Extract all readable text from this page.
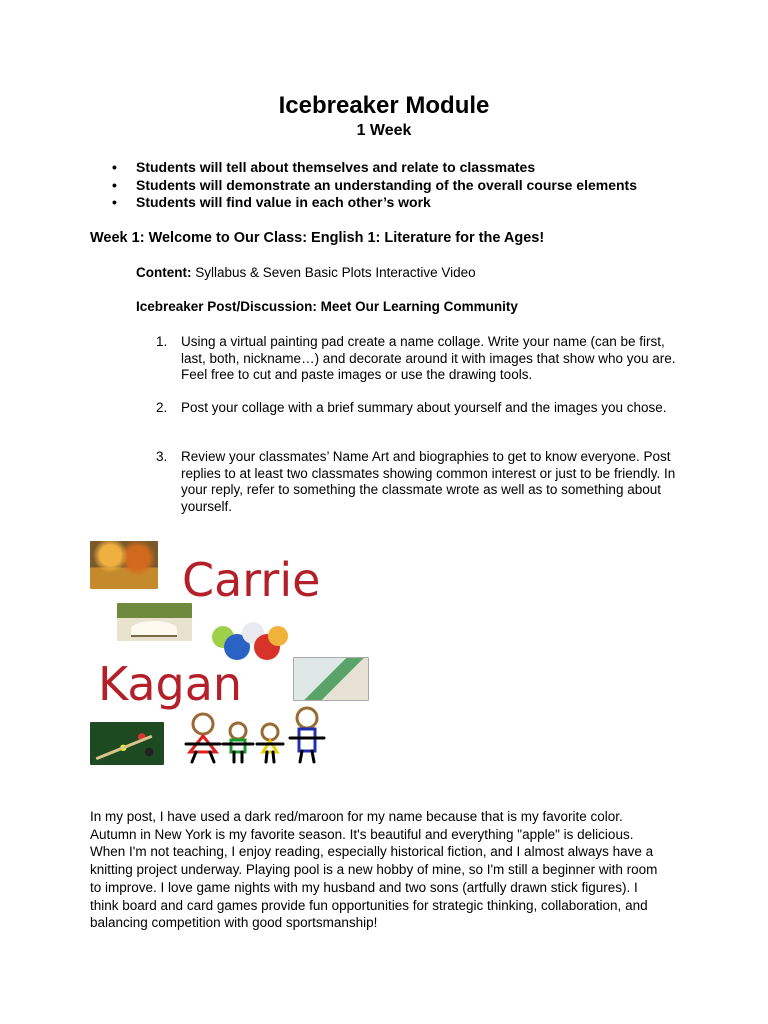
Icebreaker Module
1 Week
• Students will tell about themselves and relate to classmates
• Students will demonstrate an understanding of the overall course elements
• Students will find value in each other’s work
Week 1: Welcome to Our Class: English 1: Literature for the Ages!
Content: Syllabus & Seven Basic Plots Interactive Video
Icebreaker Post/Discussion: Meet Our Learning Community
1. Using a virtual painting pad create a name collage. Write your name (can be first, last, both, nickname…) and decorate around it with images that show who you are. Feel free to cut and paste images or use the drawing tools.
2. Post your collage with a brief summary about yourself and the images you chose.
3. Review your classmates’ Name Art and biographies to get to know everyone. Post replies to at least two classmates showing common interest or just to be friendly. In your reply, refer to something the classmate wrote as well as to something about yourself.
Carrie
Kagan
In my post, I have used a dark red/maroon for my name because that is my favorite color. Autumn in New York is my favorite season. It's beautiful and everything "apple" is delicious. When I'm not teaching, I enjoy reading, especially historical fiction, and I almost always have a knitting project underway. Playing pool is a new hobby of mine, so I'm still a beginner with room to improve. I love game nights with my husband and two sons (artfully drawn stick figures). I think board and card games provide fun opportunities for strategic thinking, collaboration, and balancing competition with good sportsmanship!
